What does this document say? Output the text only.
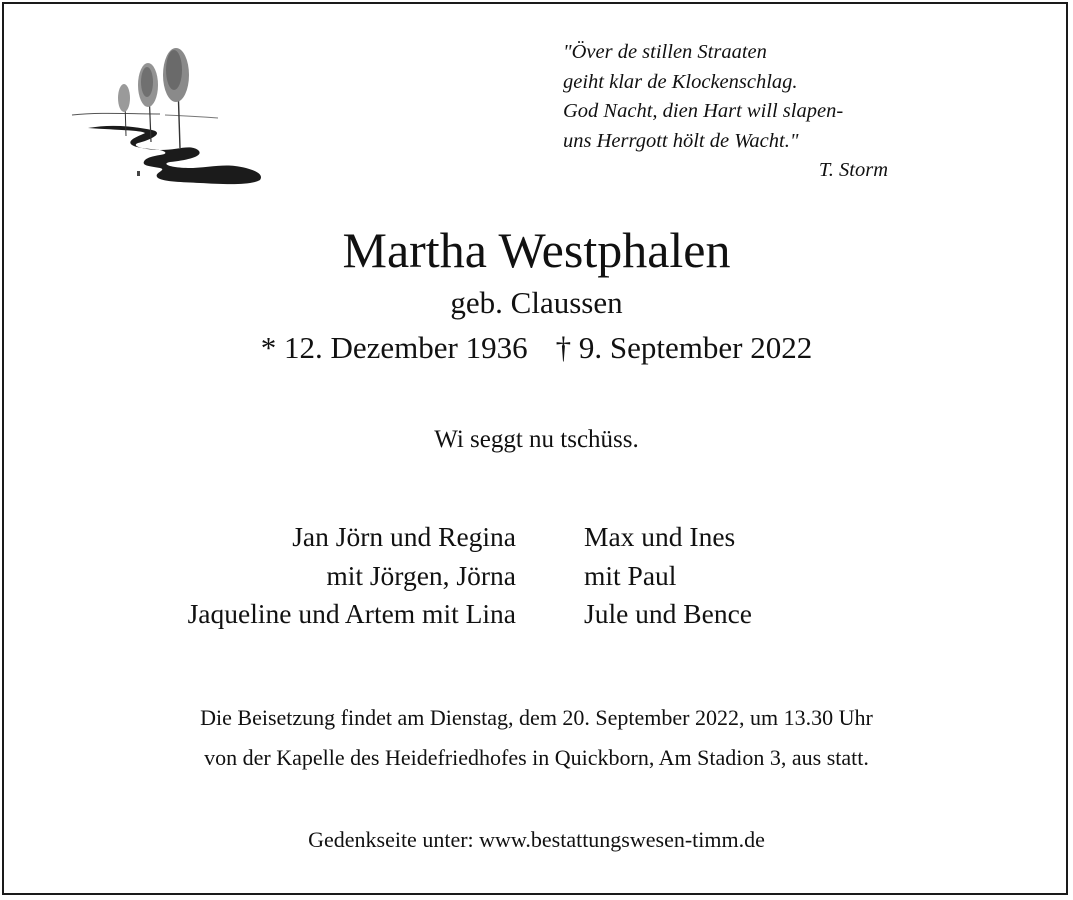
"Över de stillen Straaten
geiht klar de Klockenschlag.
God Nacht, dien Hart will slapen-
uns Herrgott hölt de Wacht."
T. Storm
Martha Westphalen
geb. Claussen
* 12. Dezember 1936 † 9. September 2022
Wi seggt nu tschüss.
Jan Jörn und Regina
mit Jörgen, Jörna
Jaqueline und Artem mit Lina
Max und Ines
mit Paul
Jule und Bence
Die Beisetzung findet am Dienstag, dem 20. September 2022, um 13.30 Uhr
von der Kapelle des Heidefriedhofes in Quickborn, Am Stadion 3, aus statt.
Gedenkseite unter: www.bestattungswesen-timm.de
